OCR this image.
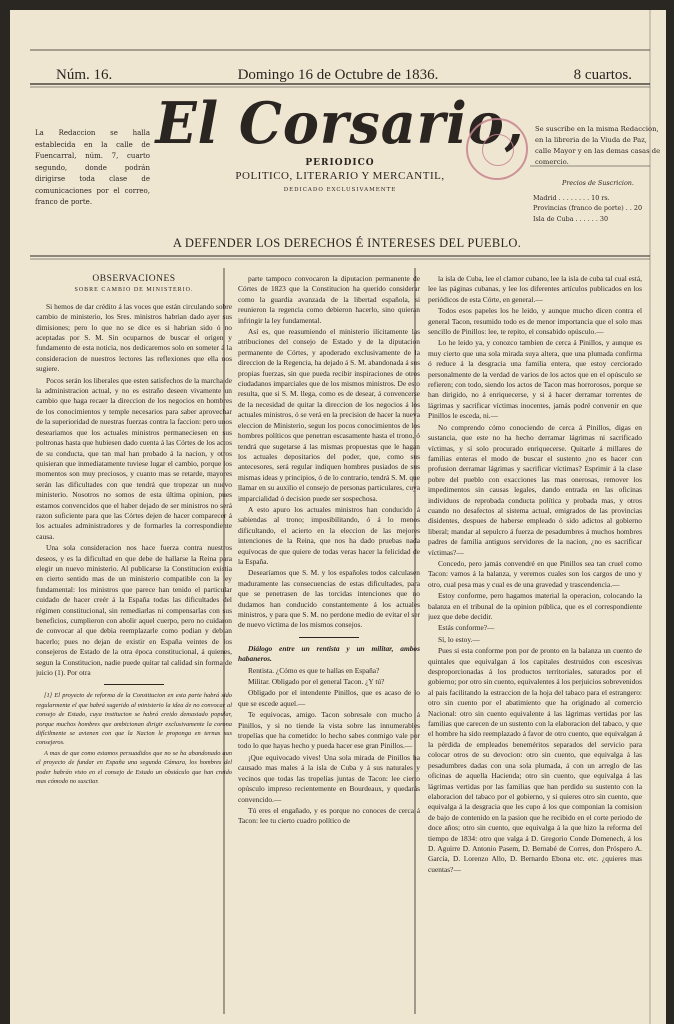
Núm. 16.	Domingo 16 de Octubre de 1836.	8 cuartos.
La Redaccion se halla establecida en la calle de Fuencarral, núm. 7, cuarto segundo, donde podrán dirigirse toda clase de comunicaciones por el correo, franco de porte.
El Corsario,
PERIODICO
POLITICO, LITERARIO Y MERCANTIL,
DEDICADO EXCLUSIVAMENTE
A DEFENDER LOS DERECHOS É INTERESES DEL PUEBLO.
Se suscribe en la misma Redaccion, en la libreria de la Viuda de Paz, calle Mayor y en las demas casas de comercio.
Precios de Suscricion.
Madrid . . . . . . . . 10 rs.
Provincias (franco de porte) . . 20
Isla de Cuba . . . . . . 30

OBSERVACIONES

SOBRE CAMBIO DE MINISTERIO.

Si hemos de dar crédito á las voces que están circulando sobre cambio de ministerio, los Sres. ministros habrian dado ayer sus dimisiones; pero lo que no se dice es si habrian sido ó no aceptadas por S. M. Sin ocuparnos de buscar el origen y fundamento de esta noticia, nos dedicaremos solo en someter á la consideracion de nuestros lectores las reflexiones que ella nos sugiere.

Pocos serán los liberales que esten satisfechos de la marcha de la administracion actual, y no es estraño deseen vivamente un cambio que haga recaer la direccion de los negocios en hombres de los conocimientos y temple necesarios para saber aprovechar de la superioridad de nuestras fuerzas contra la faccion: pero unos deseariamos que los actuales ministros permaneciesen en sus poltronas hasta que hubiesen dado cuenta á las Córtes de los actos de su conducta, que tan mal han probado á la nacion, y otros quisieran que inmediatamente tuviese lugar el cambio, porque los momentos son muy preciosos, y cuanto mas se retarde, mayores serán las dificultades con que tendrá que tropezar un nuevo ministerio. Nosotros no somos de esta última opinion, pues estamos convencidos que el haber dejado de ser ministros no será razon suficiente para que las Córtes dejen de hacer comparecer á los actuales administradores y de formarles la correspondiente causa.

Una sola consideracion nos hace fuerza contra nuestros deseos, y es la dificultad en que debe de hallarse la Reina para elegir un nuevo ministerio. Al publicarse la Constitucion existia en cierto sentido mas de un ministerio compatible con la ley fundamental: los ministros que parece han tenido el particular cuidado de hacer creér á la España todas las dificultades del régimen constitucional, sin remediarlas ni compensarlas con sus beneficios, cumplieron con abolir aquel cuerpo, pero no cuidaron de convocar al que debia reemplazarle como podian y debian hacerlo; pues no dejan de existir en España veintes de los consejeros de Estado de la otra época constitucional, á quienes, segun la Constitucion, nadie puede quitar tal calidad sin forma de juicio (1). Por otra

[1] El proyecto de reforma de la Constitucion en esta parte habrá sido regularmente el que habrá sugerido al ministerio la idea de no convocar al consejo de Estado, cuya institucion se habrá creido demasiado popular, porque muchos hombres que ambicionan dirigir exclusivamente la corona difícilmente se avienen con que la Nacion le proponga en ternas sus consejeros.

A mas de que como estamos persuadidos que no se ha abandonado aun el proyecto de fundar en España una segunda Cámara, los hombres del poder habrán visto en el consejo de Estado un obstáculo que han creido mas cómodo no suscitar.

parte tampoco convocaron la diputacion permanente de Córtes de 1823 que la Constitucion ha querido considerar como la guardia avanzada de la libertad española, si reunieron la regencia como debieron hacerlo, sino quieran infringir la ley fundamental.

Así es, que reasumiendo el ministerio ilícitamente las atribuciones del consejo de Estado y de la diputacion permanente de Córtes, y apoderado exclusivamente de la direccion de la Regencia, ha dejado á S. M. abandonada á sus propias fuerzas, sin que pueda recibir inspiraciones de otros ciudadanos imparciales que de los mismos ministros. De esto resulta, que si S. M. llega, como es de desear, á convencerse de la necesidad de quitar la direccion de los negocios á los actuales ministros, ó se verá en la precision de hacer la nueva eleccion de Ministerio, segun los pocos conocimientos de los hombres políticos que penetran escasamente hasta el trono, ó tendrá que sugetarse á las mismas propuestas que le hagan los actuales depositarios del poder, que, como sus antecesores, será regular indiquen hombres pusiados de sus mismas ideas y principios, ó de lo contrario, tendrá S. M. que llamar en su auxilio el consejo de personas particulares, cuya imparcialidad ó decision puede ser sospechosa.

A esto apuro los actuales ministros han conducido á sabiendas al trono; imposibilitando, ó á lo menos dificultando, el acierto en la eleccion de las mejores intenciones de la Reina, que nos ha dado pruebas nada equívocas de que quiere de todas veras hacer la felicidad de la España.

Desearíamos que S. M. y los españoles todos calculasen maduramente las consecuencias de estas dificultades, para que se penetrasen de las torcidas intenciones que no dudamos han conducido constantemente á los actuales ministros, y para que S. M. no perdone medio de evitar el ser de nuevo víctima de los mismos consejos.

Diálogo entre un rentista y un militar, ambos habaneros.

Rentista. ¿Cómo es que te hallas en España?

Militar. Obligado por el general Tacon. ¿Y tú?

Obligado por el intendente Pinillos, que es acaso de lo que se escede aquel.—

Te equivocas, amigo. Tacon sobresale con mucho á Pinillos, y si no tiende la vista sobre las innumerables tropelías que ha cometido: lo hecho sabes conmigo vale por todo lo que hayas hecho y pueda hacer ese gran Pinillos.—

¡Que equivocado vives! Una sola mirada de Pinillos ha causado mas males á la isla de Cuba y á sus naturales y vecinos que todas las tropelías juntas de Tacon: lee cierto opúsculo impreso recientemente en Bourdeaux, y quedarás convencido.—

Tú eres el engañado, y es porque no conoces de cerca á Tacon: lee tu cierto cuadro político de

la isla de Cuba, lee el clamor cubano, lee la isla de cuba tal cual está, lee las páginas cubanas, y lee los diferentes artículos publicados en los periódicos de esta Córte, en general.—

Todos esos papeles los he leido, y aunque mucho dicen contra el general Tacon, resumido todo es de menor importancia que el solo mas sencillo de Pinillos: lee, te repito, el consabido opúsculo.—

Lo he leido ya, y conozco tambien de cerca á Pinillos, y aunque es muy cierto que una sola mirada suya altera, que una plumada confirma ó reduce á la desgracia una familia entera, que estoy cerciorado personalmente de la verdad de varios de los actos que en el opúsculo se refieren; con todo, siendo los actos de Tacon mas horrorosos, porque se han dirigido, no á enriquecerse, y si á hacer derramar torrentes de lágrimas y sacrificar víctimas inocentes, jamás podré convenir en que Pinillos le esceda, ni.—

No comprendo cómo conociendo de cerca á Pinillos, digas en sustancia, que este no ha hecho derramar lágrimas ni sacrificado víctimas, y sí solo procurado enriquecerse. Quitarle á millares de familias enteras el modo de buscar el sustento ¿no es hacer con profusion derramar lágrimas y sacrificar víctimas? Esprimir á la clase pobre del pueblo con exacciones las mas onerosas, remover los impedimentos sin causas legales, dando entrada en las oficinas individuos de reprobada conducta política y probada mas, y otros cuando no desafectos al sistema actual, emigrados de las provincias disidentes, despues de haberse empleado ó sido adictos al gobierno liberal; mandar al sepulcro á fuerza de pesadumbres á muchos hombres padres de familia antiguos servidores de la nacion, ¿no es sacrificar víctimas?—

Concedo, pero jamás convendré en que Pinillos sea tan cruel como Tacon: vamos á la balanza, y veremos cuales son los cargos de uno y otro, cual pesa mas y cual es de una gravedad y trascendencia.—

Estoy conforme, pero hagamos material la operacion, colocando la balanza en el tribunal de la opinion pública, que es el correspondiente juez que debe decidir.

Estás conforme?—

Sí, lo estoy.—

Pues si esta conforme pon por de pronto en la balanza un cuento de quintales que equivalgan á los capitales destruidos con escesivas desproporcionadas á los productos territoriales, saturados por el gobierno; por otro sin cuento, equivalentes á los perjuicios sobrevenidos al pais facilitando la estraccion de la hoja del tabaco para el estrangero: otro sin cuento por el abatimiento que ha originado al comercio Nacional: otro sin cuento equivalente á las lágrimas vertidas por las familias que carecen de un sustento con la elaboracion del tabaco, y que el hombre ha sido reemplazado á favor de otro cuento, que equivalgan á la pérdida de empleados beneméritos separados del servicio para colocar otros de su devocion: otro sin cuento, que equivalga á las pesadumbres dadas con una sola plumada, á con un arreglo de las oficinas de aquella Hacienda; otro sin cuento, que equivalga á las lágrimas vertidas por las familias que han perdido su sustento con la elaboracion del tabaco por el gobierno, y si quieres otro sin cuento, que equivalga á la desgracia que les cupo á los que componian la comision de bajo de contenido en la pasion que he recibido en el corte periodo de doce años; otro sin cuento, que equivalga á la que hizo la reforma del tiempo de 1834: otro que valga á D. Gregorio Conde Domenech, á los D. Aguirre D. Antonio Pasem, D. Bernabé de Corres, don Próspero A. García, D. Lorenzo Allo, D. Bernardo Ebona etc. etc. ¿quieres mas cuentas?—
